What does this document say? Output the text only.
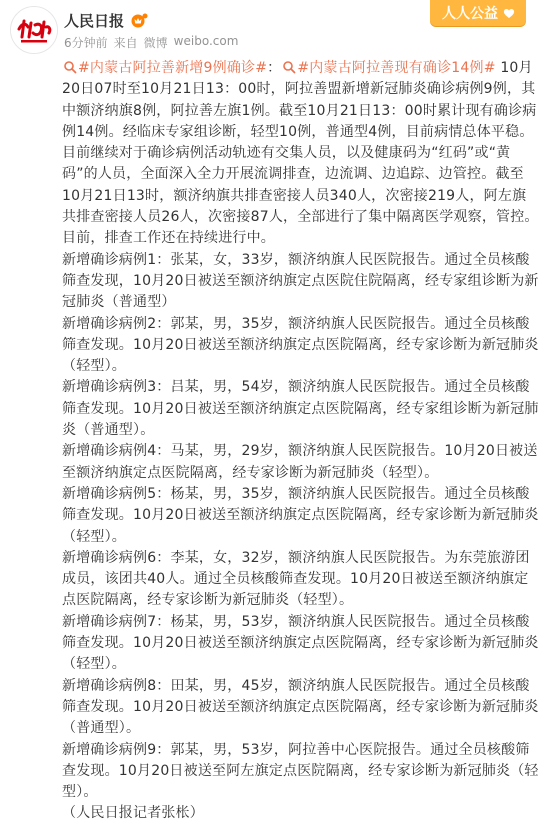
人民日报
6分钟前 来自 微博 weibo.com
人人公益

#内蒙古阿拉善新增9例确诊#： #内蒙古阿拉善现有确诊14例# 10月20日07时至10月21日13：00时，阿拉善盟新增新冠肺炎确诊病例9例，其中额济纳旗8例，阿拉善左旗1例。截至10月21日13：00时累计现有确诊病例14例。经临床专家组诊断，轻型10例，普通型4例，目前病情总体平稳。

目前继续对于确诊病例活动轨迹有交集人员，以及健康码为“红码”或“黄码”的人员，全面深入全力开展流调排查，边流调、边追踪、边管控。截至10月21日13时，额济纳旗共排查密接人员340人，次密接219人，阿左旗共排查密接人员26人，次密接87人，全部进行了集中隔离医学观察，管控。目前，排查工作还在持续进行中。

新增确诊病例1：张某，女，33岁，额济纳旗人民医院报告。通过全员核酸筛查发现，10月20日被送至额济纳旗定点医院住院隔离，经专家组诊断为新冠肺炎（普通型）

新增确诊病例2：郭某，男，35岁，额济纳旗人民医院报告。通过全员核酸筛查发现。10月20日被送至额济纳旗定点医院隔离，经专家诊断为新冠肺炎（轻型）。

新增确诊病例3：吕某，男，54岁，额济纳旗人民医院报告。通过全员核酸筛查发现。10月20日被送至额济纳旗定点医院隔离，经专家组诊断为新冠肺炎（普通型）。

新增确诊病例4：马某，男，29岁，额济纳旗人民医院报告。10月20日被送至额济纳旗定点医院隔离，经专家诊断为新冠肺炎（轻型）。

新增确诊病例5：杨某，男，35岁，额济纳旗人民医院报告。通过全员核酸筛查发现。10月20日被送至额济纳旗定点医院隔离，经专家诊断为新冠肺炎（轻型）。

新增确诊病例6：李某，女，32岁，额济纳旗人民医院报告。为东莞旅游团成员，该团共40人。通过全员核酸筛查发现。10月20日被送至额济纳旗定点医院隔离，经专家诊断为新冠肺炎（轻型）。

新增确诊病例7：杨某，男，53岁，额济纳旗人民医院报告。通过全员核酸筛查发现。10月20日被送至额济纳旗定点医院隔离，经专家诊断为新冠肺炎（轻型）。

新增确诊病例8：田某，男，45岁，额济纳旗人民医院报告。通过全员核酸筛查发现。10月20日被送至额济纳旗定点医院隔离，经专家诊断为新冠肺炎（普通型）。

新增确诊病例9：郭某，男，53岁，阿拉善中心医院报告。通过全员核酸筛查发现。10月20日被送至阿左旗定点医院隔离，经专家诊断为新冠肺炎（轻型）。

（人民日报记者张枨）
